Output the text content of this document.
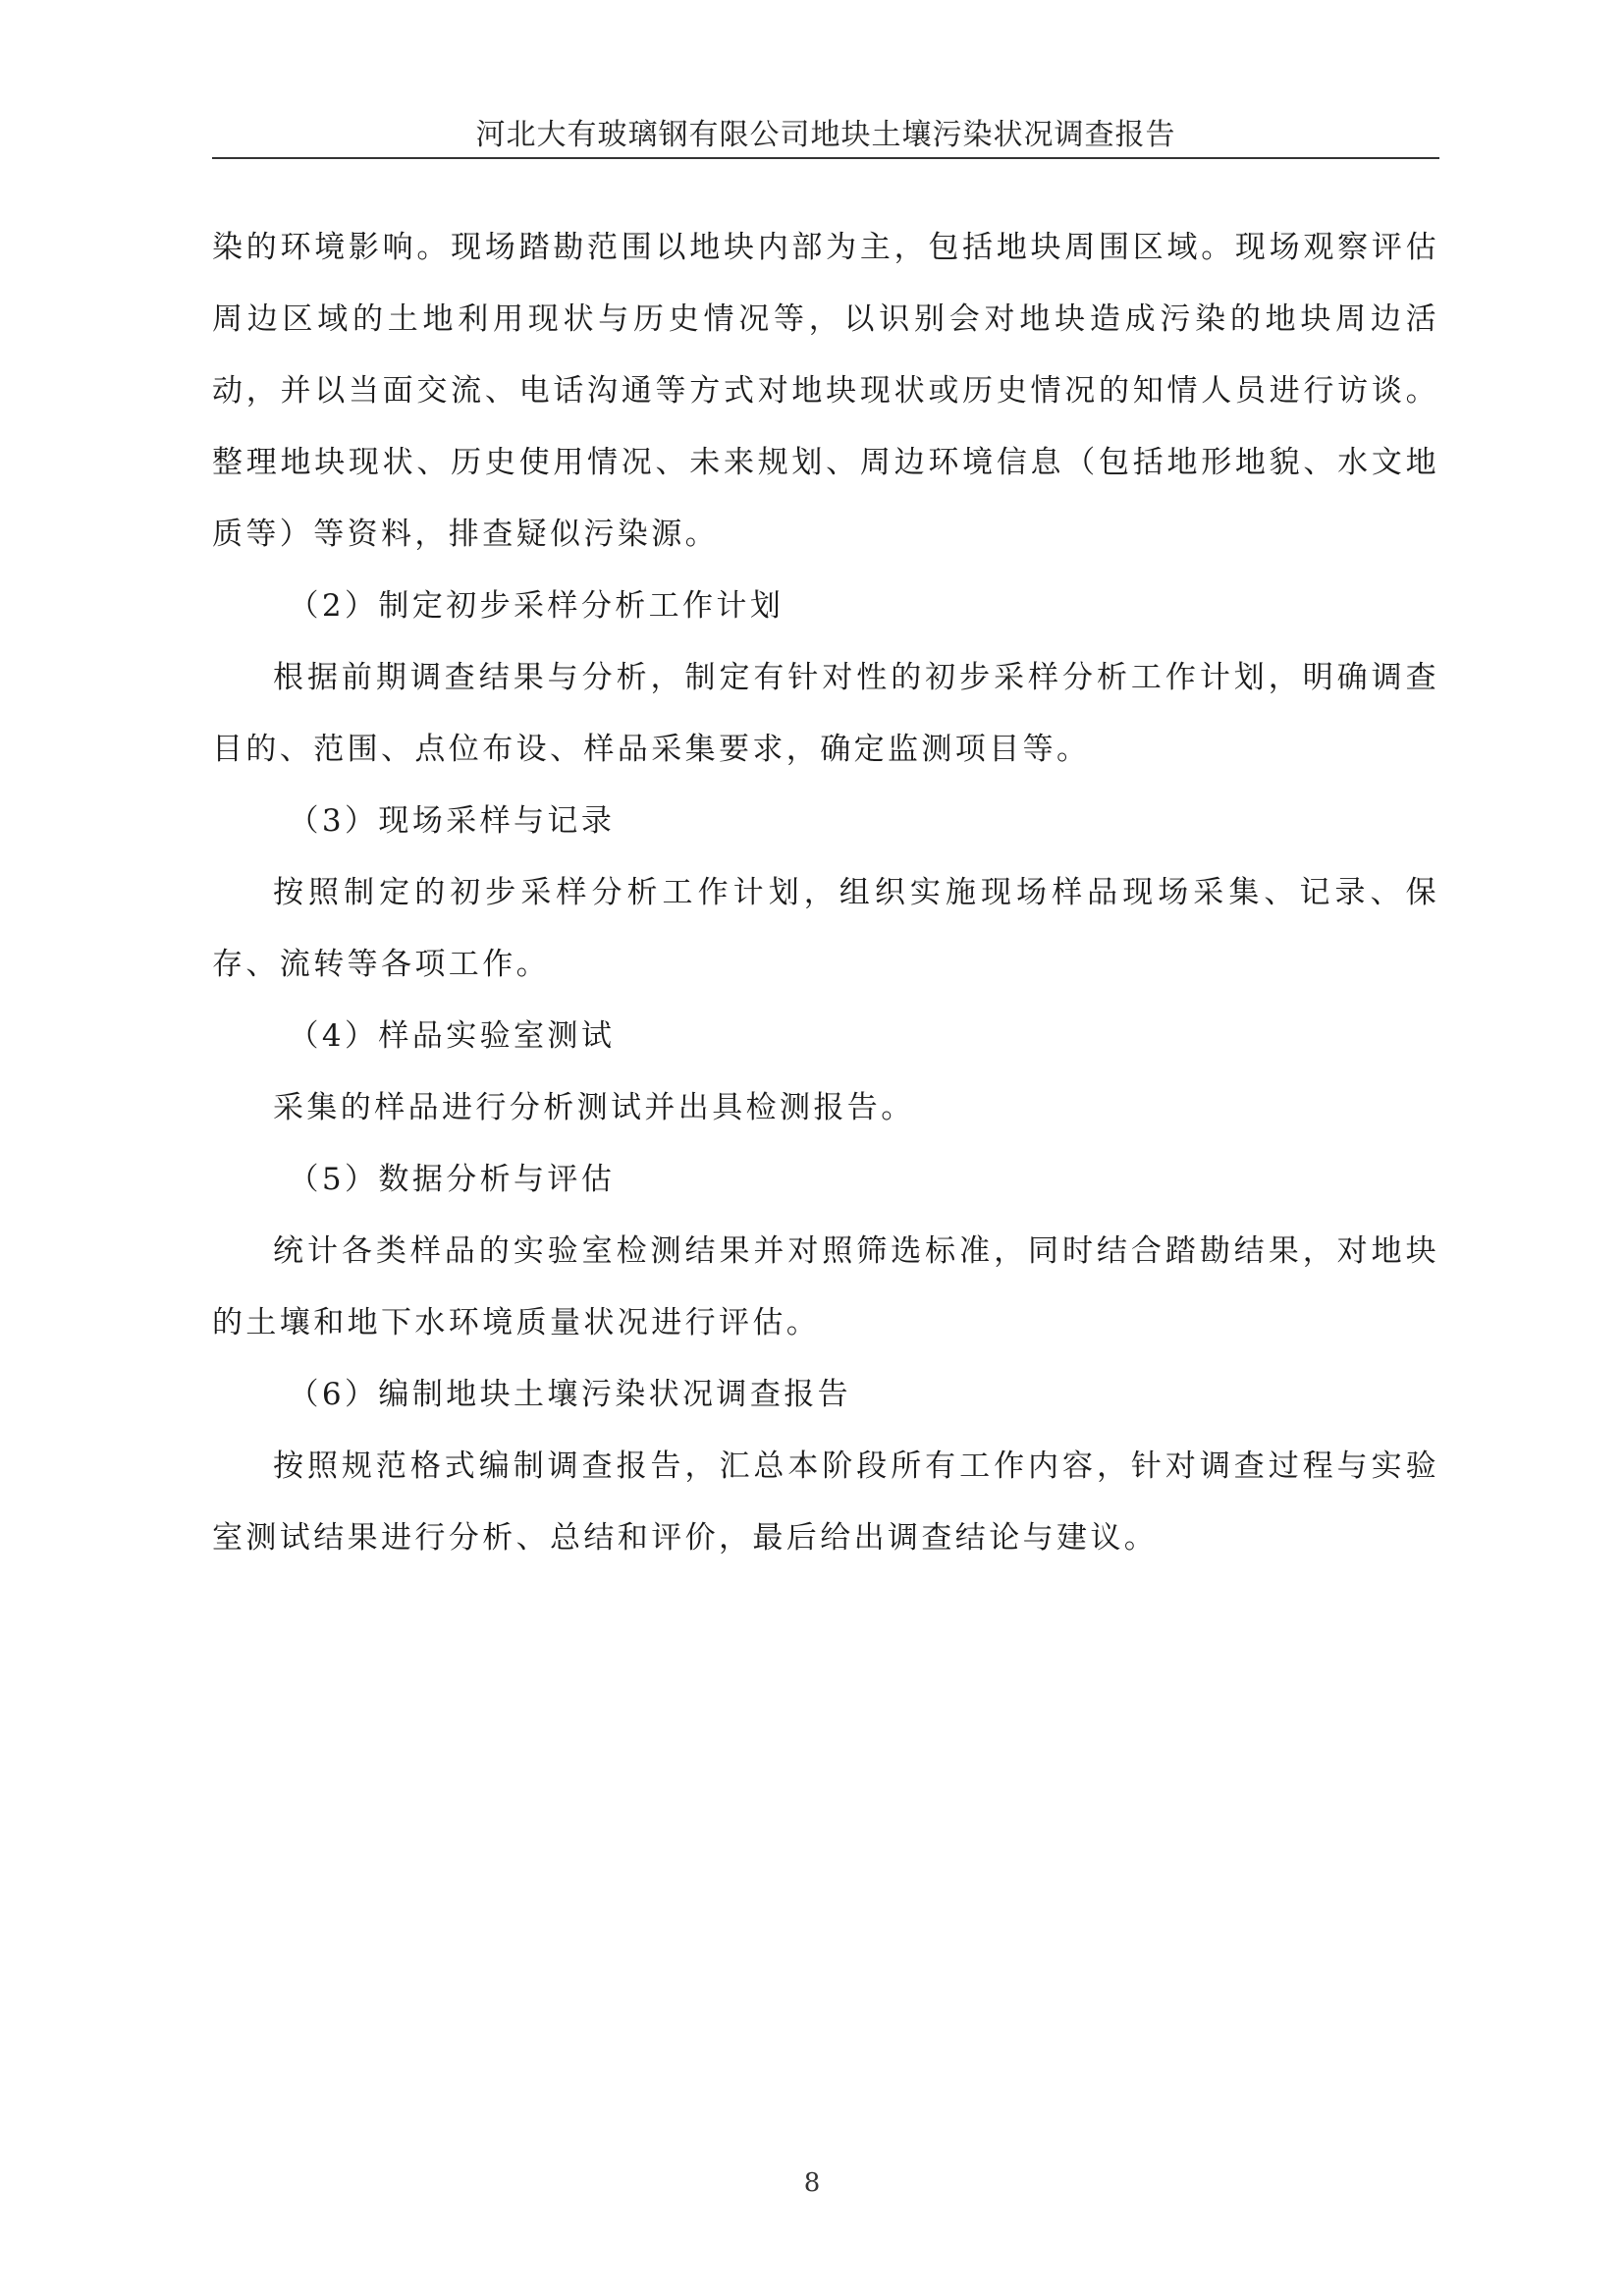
河北大有玻璃钢有限公司地块土壤污染状况调查报告

染的环境影响。现场踏勘范围以地块内部为主，包括地块周围区域。现场观察评估周边区域的土地利用现状与历史情况等，以识别会对地块造成污染的地块周边活动，并以当面交流、电话沟通等方式对地块现状或历史情况的知情人员进行访谈。整理地块现状、历史使用情况、未来规划、周边环境信息（包括地形地貌、水文地质等）等资料，排查疑似污染源。

（2）制定初步采样分析工作计划

根据前期调查结果与分析，制定有针对性的初步采样分析工作计划，明确调查目的、范围、点位布设、样品采集要求，确定监测项目等。

（3）现场采样与记录

按照制定的初步采样分析工作计划，组织实施现场样品现场采集、记录、保存、流转等各项工作。

（4）样品实验室测试

采集的样品进行分析测试并出具检测报告。

（5）数据分析与评估

统计各类样品的实验室检测结果并对照筛选标准，同时结合踏勘结果，对地块的土壤和地下水环境质量状况进行评估。

（6）编制地块土壤污染状况调查报告

按照规范格式编制调查报告，汇总本阶段所有工作内容，针对调查过程与实验室测试结果进行分析、总结和评价，最后给出调查结论与建议。

8
